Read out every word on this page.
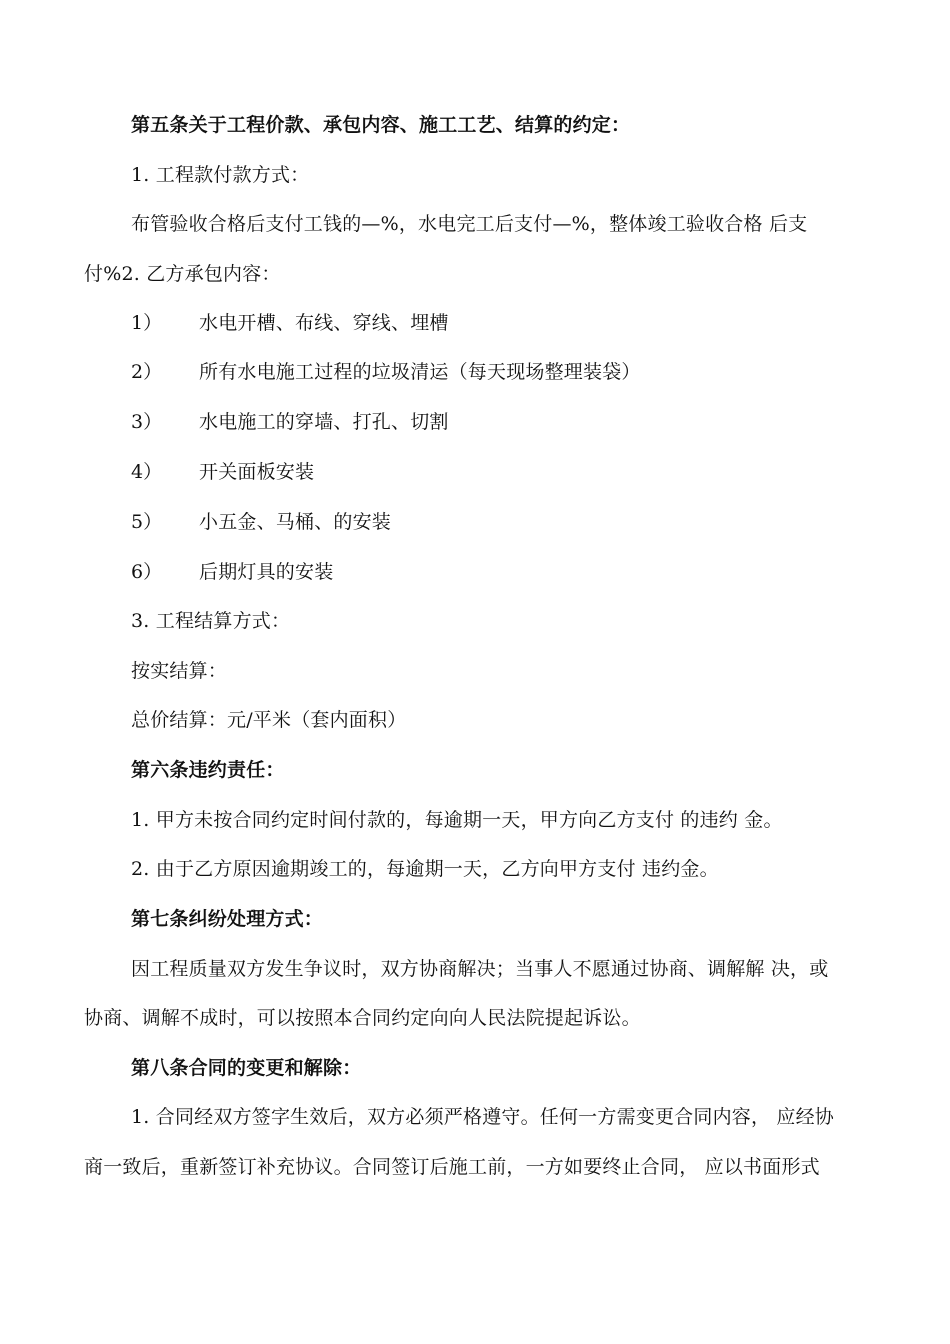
第五条关于工程价款、承包内容、施工工艺、结算的约定：
1. 工程款付款方式：
布管验收合格后支付工钱的—%，水电完工后支付—%，整体竣工验收合格 后支
付%2. 乙方承包内容：
1） 水电开槽、布线、穿线、埋槽
2） 所有水电施工过程的垃圾清运（每天现场整理装袋）
3） 水电施工的穿墙、打孔、切割
4） 开关面板安装
5） 小五金、马桶、的安装
6） 后期灯具的安装
3. 工程结算方式：
按实结算：
总价结算：元/平米（套内面积）
第六条违约责任：
1. 甲方未按合同约定时间付款的，每逾期一天，甲方向乙方支付 的违约 金。
2. 由于乙方原因逾期竣工的，每逾期一天，乙方向甲方支付 违约金。
第七条纠纷处理方式：
因工程质量双方发生争议时，双方协商解决；当事人不愿通过协商、调解解 决，或
协商、调解不成时，可以按照本合同约定向向人民法院提起诉讼。
第八条合同的变更和解除：
1. 合同经双方签字生效后，双方必须严格遵守。任何一方需变更合同内容， 应经协
商一致后，重新签订补充协议。合同签订后施工前，一方如要终止合同， 应以书面形式
